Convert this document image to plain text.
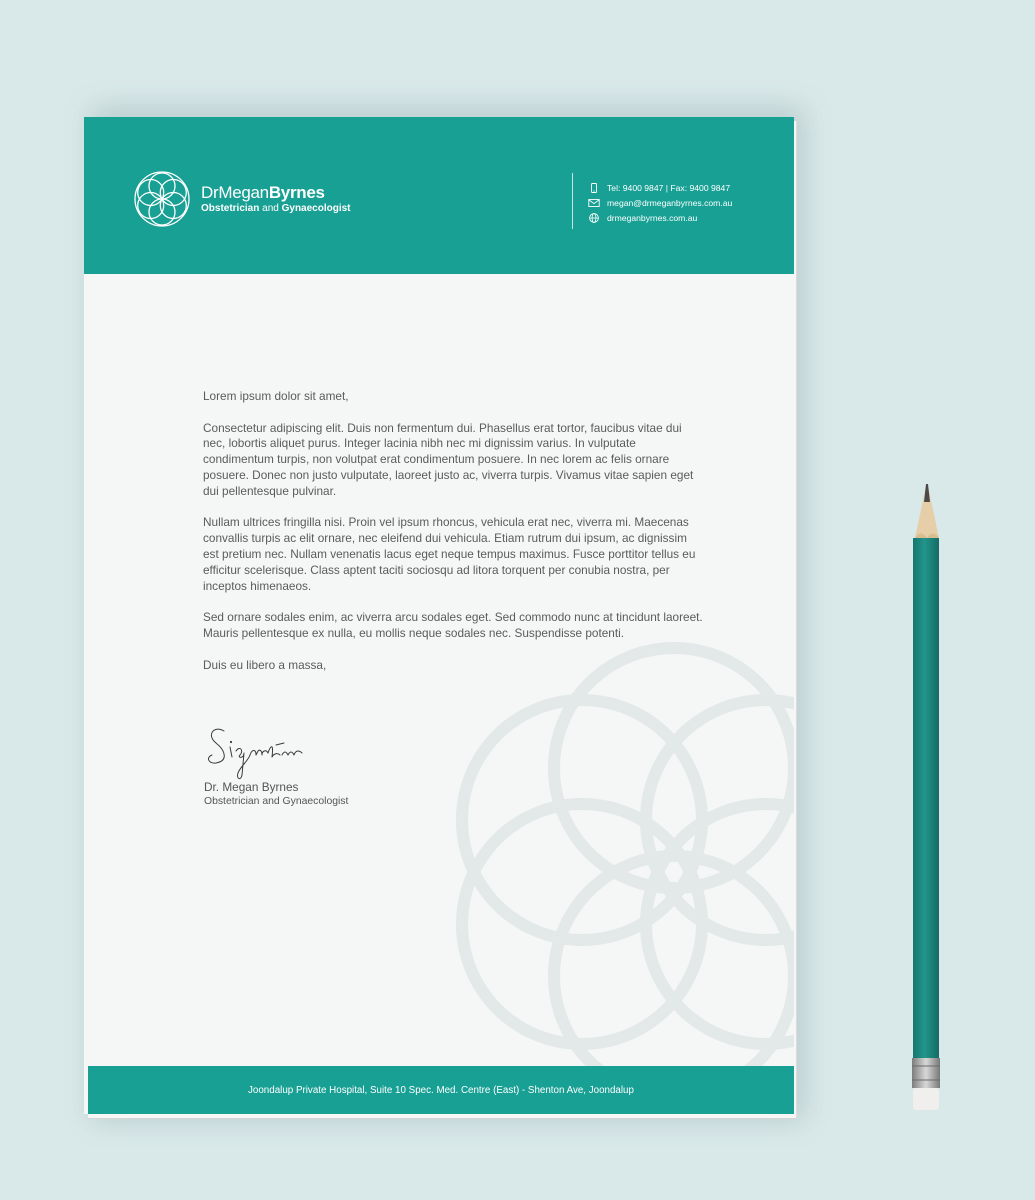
DrMeganByrnes
Obstetrician and Gynaecologist
Tel: 9400 9847 | Fax: 9400 9847
megan@drmeganbyrnes.com.au
drmeganbyrnes.com.au

Lorem ipsum dolor sit amet,

Consectetur adipiscing elit. Duis non fermentum dui. Phasellus erat tortor, faucibus vitae dui nec, lobortis aliquet purus. Integer lacinia nibh nec mi dignissim varius. In vulputate condimentum turpis, non volutpat erat condimentum posuere. In nec lorem ac felis ornare posuere. Donec non justo vulputate, laoreet justo ac, viverra turpis. Vivamus vitae sapien eget dui pellentesque pulvinar.

Nullam ultrices fringilla nisi. Proin vel ipsum rhoncus, vehicula erat nec, viverra mi. Maecenas convallis turpis ac elit ornare, nec eleifend dui vehicula. Etiam rutrum dui ipsum, ac dignissim est pretium nec. Nullam venenatis lacus eget neque tempus maximus. Fusce porttitor tellus eu efficitur scelerisque. Class aptent taciti sociosqu ad litora torquent per conubia nostra, per inceptos himenaeos.

Sed ornare sodales enim, ac viverra arcu sodales eget. Sed commodo nunc at tincidunt laoreet. Mauris pellentesque ex nulla, eu mollis neque sodales nec. Suspendisse potenti.

Duis eu libero a massa,

Dr. Megan Byrnes
Obstetrician and Gynaecologist
Joondalup Private Hospital, Suite 10 Spec. Med. Centre (East) - Shenton Ave, Joondalup
